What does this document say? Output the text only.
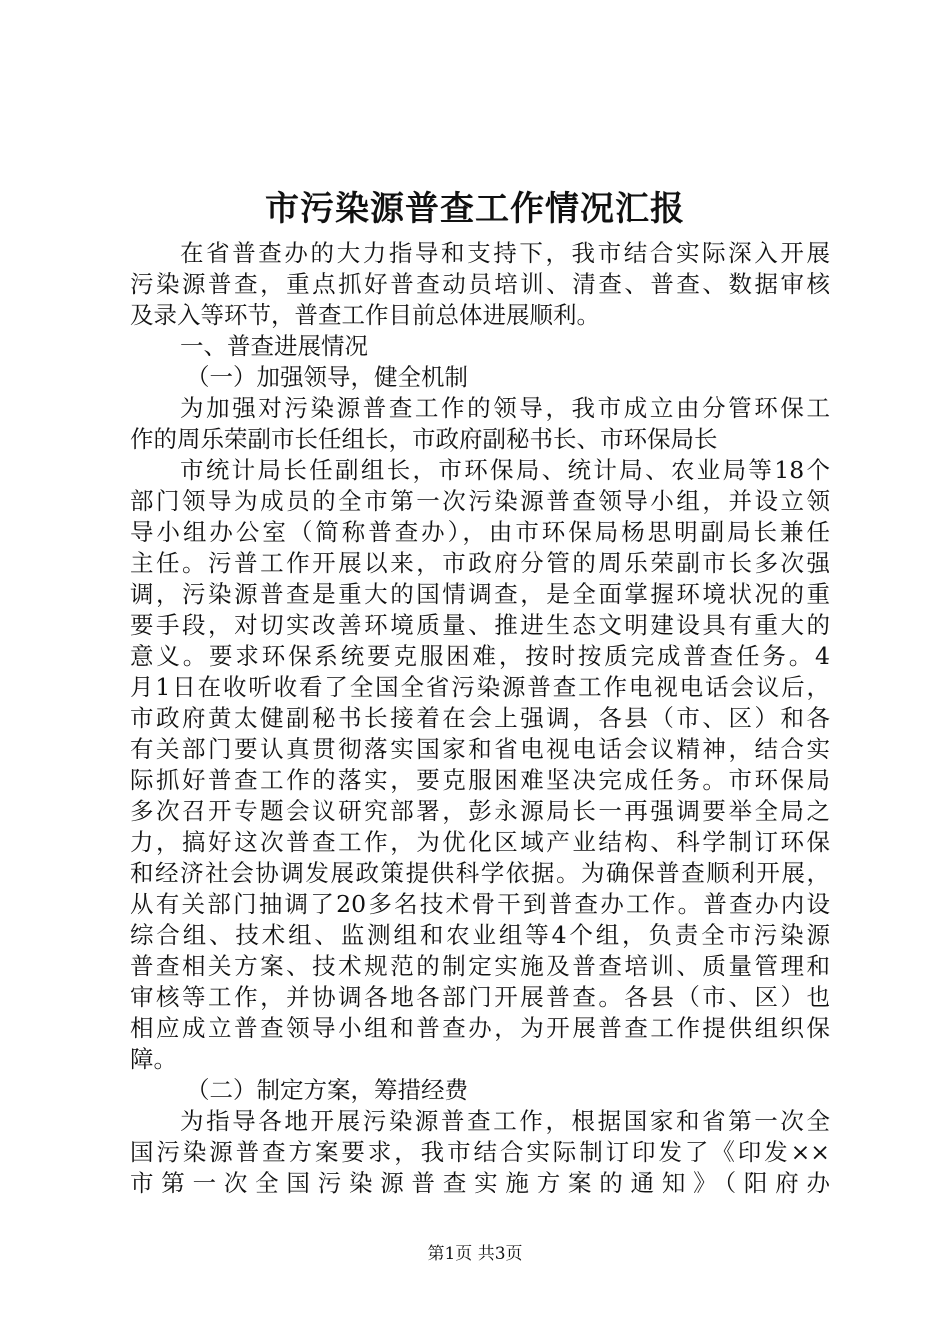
市污染源普查工作情况汇报
在省普查办的大力指导和支持下，我市结合实际深入开展
污染源普查，重点抓好普查动员培训、清查、普查、数据审核
及录入等环节，普查工作目前总体进展顺利。
一、普查进展情况
（一）加强领导，健全机制
为加强对污染源普查工作的领导，我市成立由分管环保工
作的周乐荣副市长任组长，市政府副秘书长、市环保局长
市统计局长任副组长，市环保局、统计局、农业局等18个
部门领导为成员的全市第一次污染源普查领导小组，并设立领
导小组办公室（简称普查办），由市环保局杨思明副局长兼任
主任。污普工作开展以来，市政府分管的周乐荣副市长多次强
调，污染源普查是重大的国情调查，是全面掌握环境状况的重
要手段，对切实改善环境质量、推进生态文明建设具有重大的
意义。要求环保系统要克服困难，按时按质完成普查任务。4
月1日在收听收看了全国全省污染源普查工作电视电话会议后，
市政府黄太健副秘书长接着在会上强调，各县（市、区）和各
有关部门要认真贯彻落实国家和省电视电话会议精神，结合实
际抓好普查工作的落实，要克服困难坚决完成任务。市环保局
多次召开专题会议研究部署，彭永源局长一再强调要举全局之
力，搞好这次普查工作，为优化区域产业结构、科学制订环保
和经济社会协调发展政策提供科学依据。为确保普查顺利开展，
从有关部门抽调了20多名技术骨干到普查办工作。普查办内设
综合组、技术组、监测组和农业组等4个组，负责全市污染源
普查相关方案、技术规范的制定实施及普查培训、质量管理和
审核等工作，并协调各地各部门开展普查。各县（市、区）也
相应成立普查领导小组和普查办，为开展普查工作提供组织保
障。
（二）制定方案，筹措经费
为指导各地开展污染源普查工作，根据国家和省第一次全
国污染源普查方案要求，我市结合实际制订印发了《印发××
市第一次全国污染源普查实施方案的通知》（阳府办
第1页 共3页
